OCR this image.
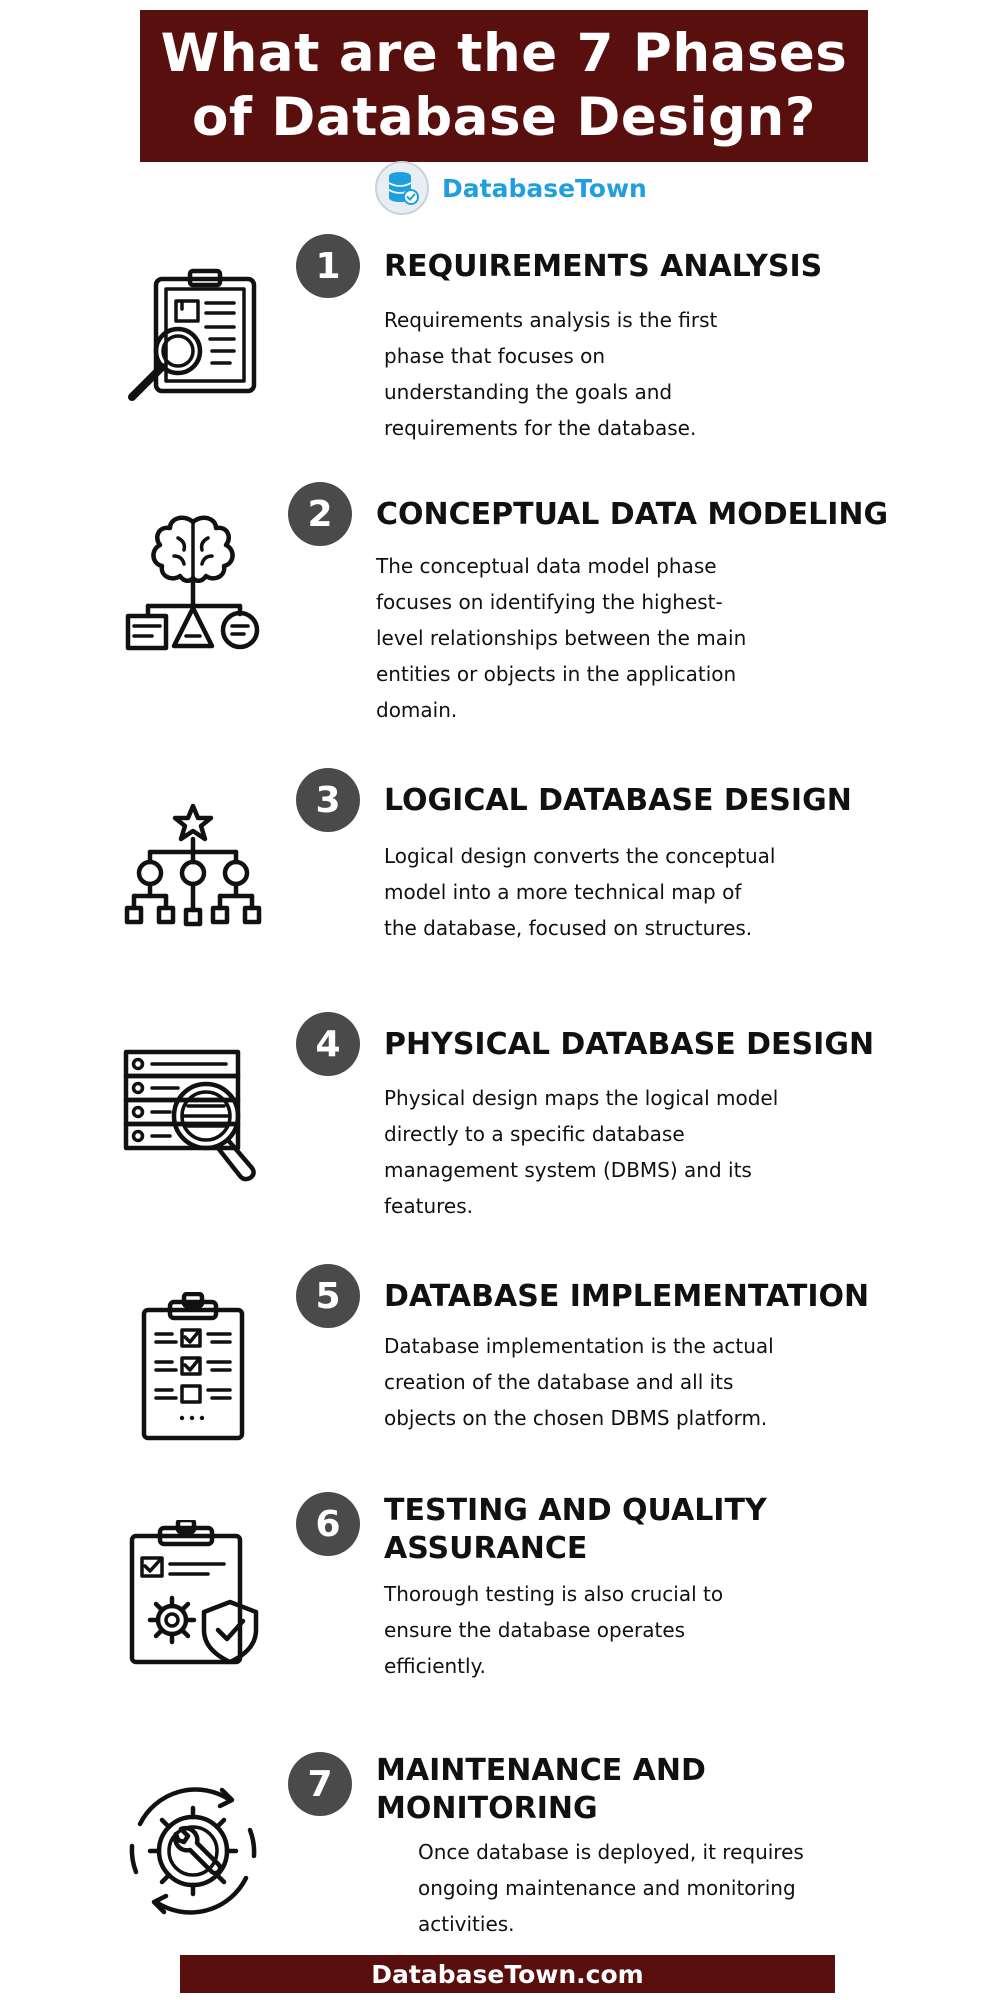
What are the 7 Phases
of Database Design?
DatabaseTown
1	REQUIREMENTS ANALYSIS
Requirements analysis is the first
phase that focuses on
understanding the goals and
requirements for the database.
2	CONCEPTUAL DATA MODELING
The conceptual data model phase
focuses on identifying the highest-
level relationships between the main
entities or objects in the application
domain.
3	LOGICAL DATABASE DESIGN
Logical design converts the conceptual
model into a more technical map of
the database, focused on structures.
4	PHYSICAL DATABASE DESIGN
Physical design maps the logical model
directly to a specific database
management system (DBMS) and its
features.
5	DATABASE IMPLEMENTATION
Database implementation is the actual
creation of the database and all its
objects on the chosen DBMS platform.
6	TESTING AND QUALITY
ASSURANCE
Thorough testing is also crucial to
ensure the database operates
efficiently.
7	MAINTENANCE AND
MONITORING
Once database is deployed, it requires
ongoing maintenance and monitoring
activities.
DatabaseTown.com
